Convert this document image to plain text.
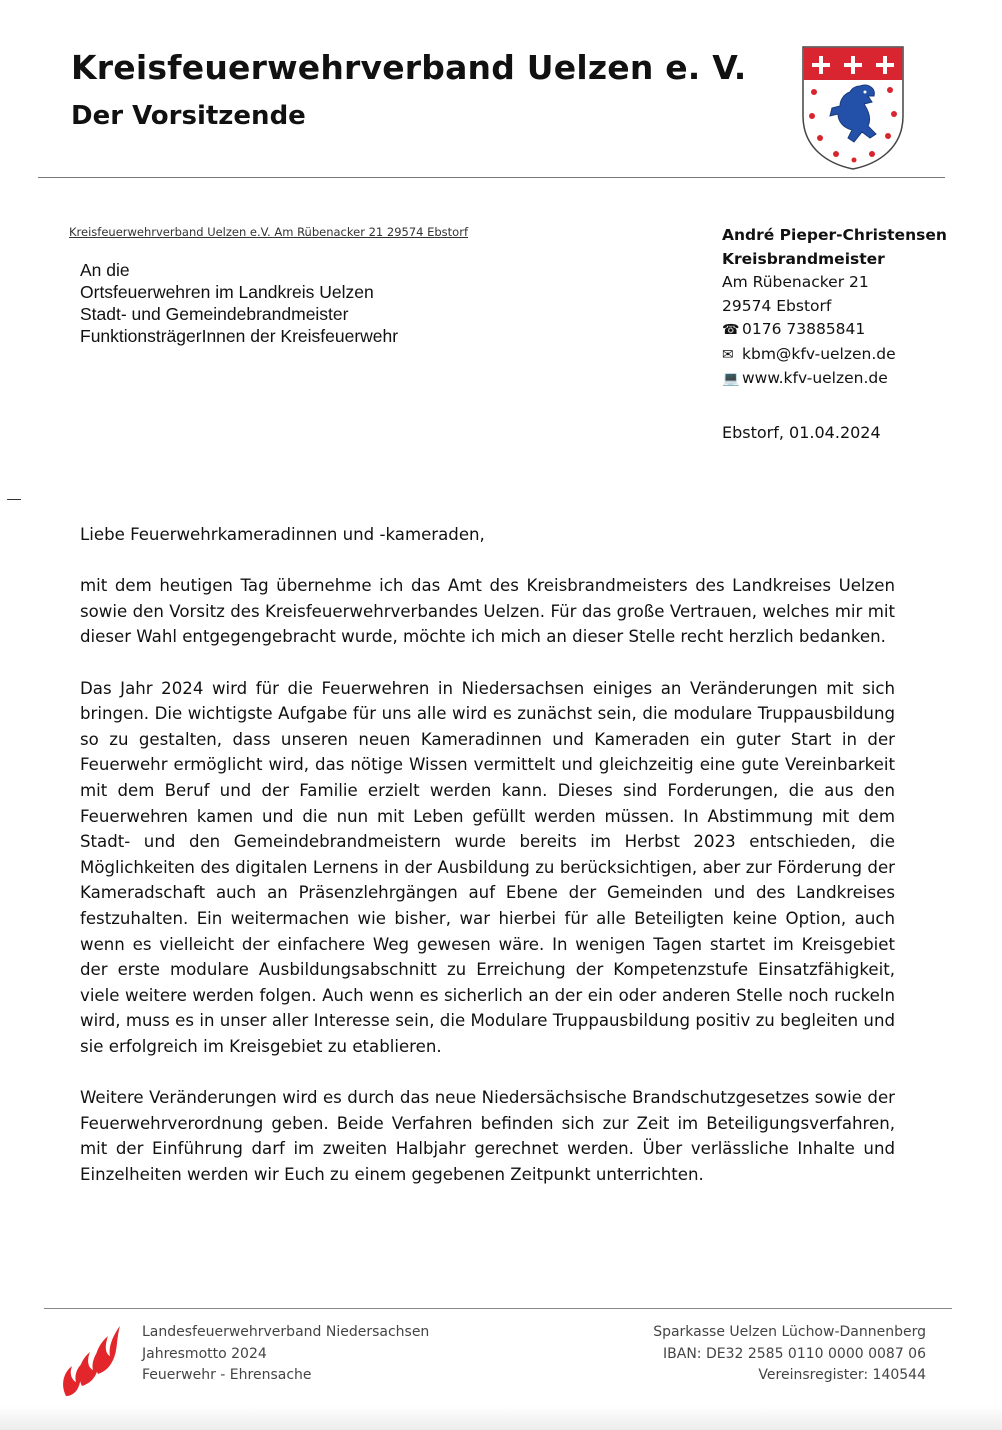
Kreisfeuerwehrverband Uelzen e. V.
Der Vorsitzende
Kreisfeuerwehrverband Uelzen e.V. Am Rübenacker 21 29574 Ebstorf
An die
Ortsfeuerwehren im Landkreis Uelzen
Stadt- und Gemeindebrandmeister
FunktionsträgerInnen der Kreisfeuerwehr
André Pieper-Christensen
Kreisbrandmeister
Am Rübenacker 21
29574 Ebstorf
☎ 0176 73885841
✉ kbm@kfv-uelzen.de
💻 www.kfv-uelzen.de
Ebstorf, 01.04.2024

Liebe Feuerwehrkameradinnen und -kameraden,

mit dem heutigen Tag übernehme ich das Amt des Kreisbrandmeisters des Landkreises Uelzen sowie den Vorsitz des Kreisfeuerwehrverbandes Uelzen. Für das große Vertrauen, welches mir mit dieser Wahl entgegengebracht wurde, möchte ich mich an dieser Stelle recht herzlich bedanken.

Das Jahr 2024 wird für die Feuerwehren in Niedersachsen einiges an Veränderungen mit sich bringen. Die wichtigste Aufgabe für uns alle wird es zunächst sein, die modulare Truppausbildung so zu gestalten, dass unseren neuen Kameradinnen und Kameraden ein guter Start in der Feuerwehr ermöglicht wird, das nötige Wissen vermittelt und gleichzeitig eine gute Vereinbarkeit mit dem Beruf und der Familie erzielt werden kann. Dieses sind Forderungen, die aus den Feuerwehren kamen und die nun mit Leben gefüllt werden müssen. In Abstimmung mit dem Stadt- und den Gemeindebrandmeistern wurde bereits im Herbst 2023 entschieden, die Möglichkeiten des digitalen Lernens in der Ausbildung zu berücksichtigen, aber zur Förderung der Kameradschaft auch an Präsenzlehrgängen auf Ebene der Gemeinden und des Landkreises festzuhalten. Ein weitermachen wie bisher, war hierbei für alle Beteiligten keine Option, auch wenn es vielleicht der einfachere Weg gewesen wäre. In wenigen Tagen startet im Kreisgebiet der erste modulare Ausbildungsabschnitt zu Erreichung der Kompetenzstufe Einsatzfähigkeit, viele weitere werden folgen. Auch wenn es sicherlich an der ein oder anderen Stelle noch ruckeln wird, muss es in unser aller Interesse sein, die Modulare Truppausbildung positiv zu begleiten und sie erfolgreich im Kreisgebiet zu etablieren.

Weitere Veränderungen wird es durch das neue Niedersächsische Brandschutzgesetzes sowie der Feuerwehrverordnung geben. Beide Verfahren befinden sich zur Zeit im Beteiligungsverfahren, mit der Einführung darf im zweiten Halbjahr gerechnet werden. Über verlässliche Inhalte und Einzelheiten werden wir Euch zu einem gegebenen Zeitpunkt unterrichten.

Landesfeuerwehrverband Niedersachsen
Jahresmotto 2024
Feuerwehr - Ehrensache
Sparkasse Uelzen Lüchow-Dannenberg
IBAN: DE32 2585 0110 0000 0087 06
Vereinsregister: 140544
